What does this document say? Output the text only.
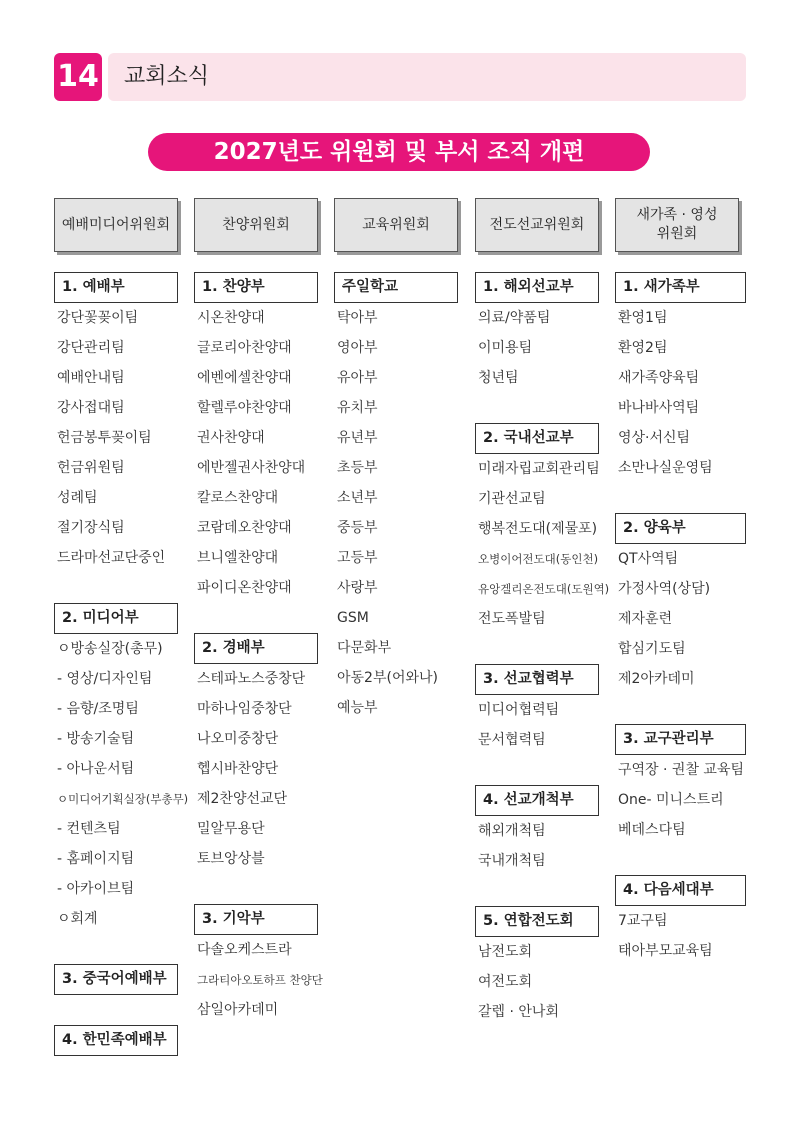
14 교회소식
2027년도 위원회 및 부서 조직 개편
예배미디어위원회
1. 예배부
강단꽃꽂이팀
강단관리팀
예배안내팀
강사접대팀
헌금봉투꽂이팀
헌금위원팀
성례팀
절기장식팀
드라마선교단중인
2. 미디어부
ㅇ방송실장(총무)
- 영상/디자인팀
- 음향/조명팀
- 방송기술팀
- 아나운서팀
ㅇ미디어기획실장(부총무)
- 컨텐츠팀
- 홈페이지팀
- 아카이브팀
ㅇ회계
3. 중국어예배부
4. 한민족예배부
찬양위원회
1. 찬양부
시온찬양대
글로리아찬양대
에벤에셀찬양대
할렐루야찬양대
권사찬양대
에반젤권사찬양대
칼로스찬양대
코람데오찬양대
브니엘찬양대
파이디온찬양대
2. 경배부
스테파노스중창단
마하나임중창단
나오미중창단
헵시바찬양단
제2찬양선교단
밀알무용단
토브앙상블
3. 기악부
다솔오케스트라
그라티아오토하프 찬양단
삼일아카데미
교육위원회
주일학교
탁아부
영아부
유아부
유치부
유년부
초등부
소년부
중등부
고등부
사랑부
GSM
다문화부
아동2부(어와나)
예능부
전도선교위원회
1. 해외선교부
의료/약품팀
이미용팀
청년팀
2. 국내선교부
미래자립교회관리팀
기관선교팀
행복전도대(제물포)
오병이어전도대(동인천)
유앙겔리온전도대(도원역)
전도폭발팀
3. 선교협력부
미디어협력팀
문서협력팀
4. 선교개척부
해외개척팀
국내개척팀
5. 연합전도회
남전도회
여전도회
갈렙 · 안나회
새가족 · 영성위원회
1. 새가족부
환영1팀
환영2팀
새가족양육팀
바나바사역팀
영상·서신팀
소만나실운영팀
2. 양육부
QT사역팀
가정사역(상담)
제자훈련
합심기도팀
제2아카데미
3. 교구관리부
구역장 · 권찰 교육팀
One- 미니스트리
베데스다팀
4. 다음세대부
7교구팀
태아부모교육팀
